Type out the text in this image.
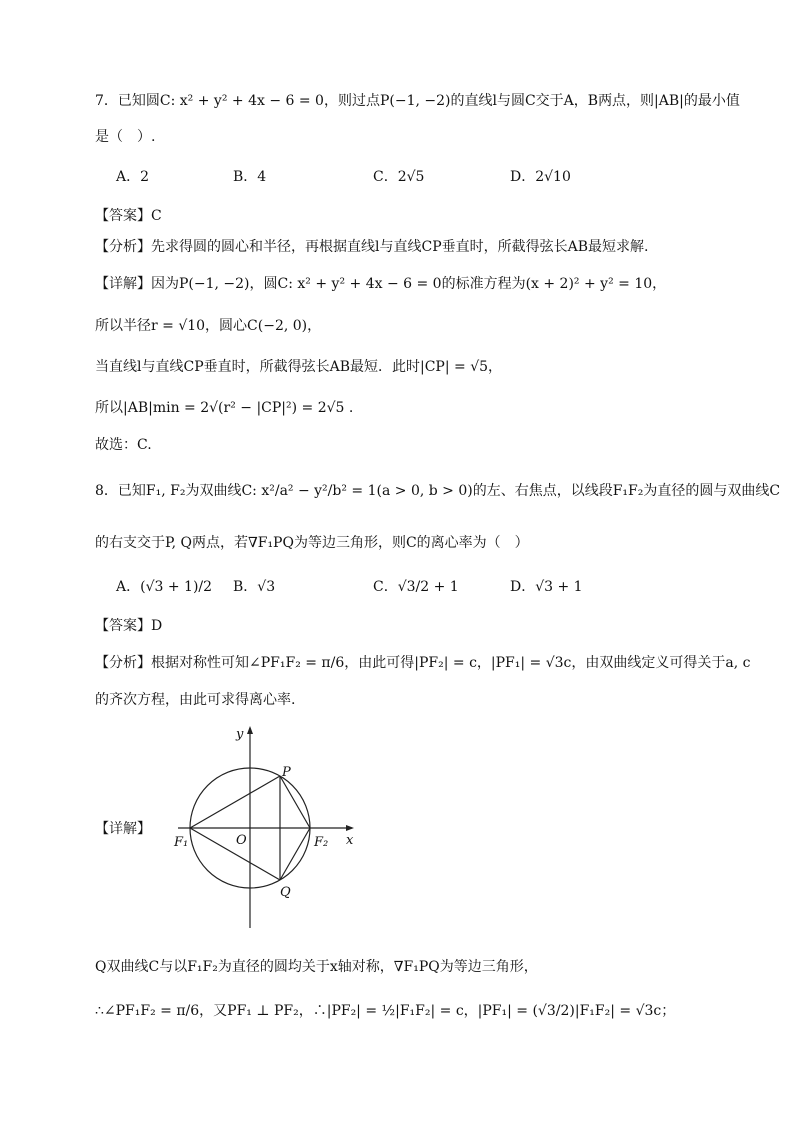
7．已知圆C: x² + y² + 4x − 6 = 0，则过点P(−1, −2)的直线l与圆C交于A，B两点，则|AB|的最小值
是（　）.
A．2	B．4	C．2√5	D．2√10
【答案】C
【分析】先求得圆的圆心和半径，再根据直线l与直线CP垂直时，所截得弦长AB最短求解.
【详解】因为P(−1, −2)，圆C: x² + y² + 4x − 6 = 0的标准方程为(x + 2)² + y² = 10，
所以半径r = √10，圆心C(−2, 0)，
当直线l与直线CP垂直时，所截得弦长AB最短．此时|CP| = √5，
所以|AB|min = 2√(r² − |CP|²) = 2√5 .
故选：C.
8．已知F₁, F₂为双曲线C: x²/a² − y²/b² = 1(a > 0, b > 0)的左、右焦点，以线段F₁F₂为直径的圆与双曲线C
的右支交于P, Q两点，若∇F₁PQ为等边三角形，则C的离心率为（　）
A．(√3 + 1)/2 B．√3	C．√3/2 + 1	D．√3 + 1
【答案】D
【分析】根据对称性可知∠PF₁F₂ = π/6，由此可得|PF₂| = c，|PF₁| = √3c，由双曲线定义可得关于a, c
的齐次方程，由此可求得离心率.
【详解】
y
x
P
Q
O
F₁	F₂
Q双曲线C与以F₁F₂为直径的圆均关于x轴对称，∇F₁PQ为等边三角形，
∴∠PF₁F₂ = π/6，又PF₁ ⊥ PF₂，∴|PF₂| = ½|F₁F₂| = c，|PF₁| = (√3/2)|F₁F₂| = √3c；
